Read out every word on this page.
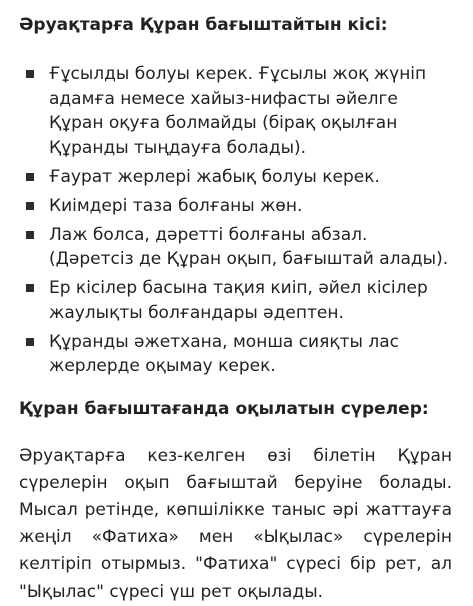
Әруақтарға Құран бағыштайтын кісі:
Ғұсылды болуы керек. Ғұсылы жоқ жүніп адамға немесе хайыз-нифасты әйелге Құран оқуға болмайды (бірақ оқылған Құранды тыңдауға болады).
Ғаурат жерлері жабық болуы керек.
Киімдері таза болғаны жөн.
Лаж болса, дәретті болғаны абзал. (Дәретсіз де Құран оқып, бағыштай алады).
Ер кісілер басына тақия киіп, әйел кісілер жаулықты болғандары әдептен.
Құранды әжетхана, монша сияқты лас жерлерде оқымау керек.
Құран бағыштағанда оқылатын сүрелер:

Әруақтарға кез-келген өзі білетін Құран сүрелерін оқып бағыштай беруіне болады. Мысал ретінде, көпшілікке таныс әрі жаттауға жеңіл «Фатиха» мен «Ықылас» сүрелерін келтіріп отырмыз. "Фатиха" сүресі бір рет, ал "Ықылас" сүресі үш рет оқылады.
